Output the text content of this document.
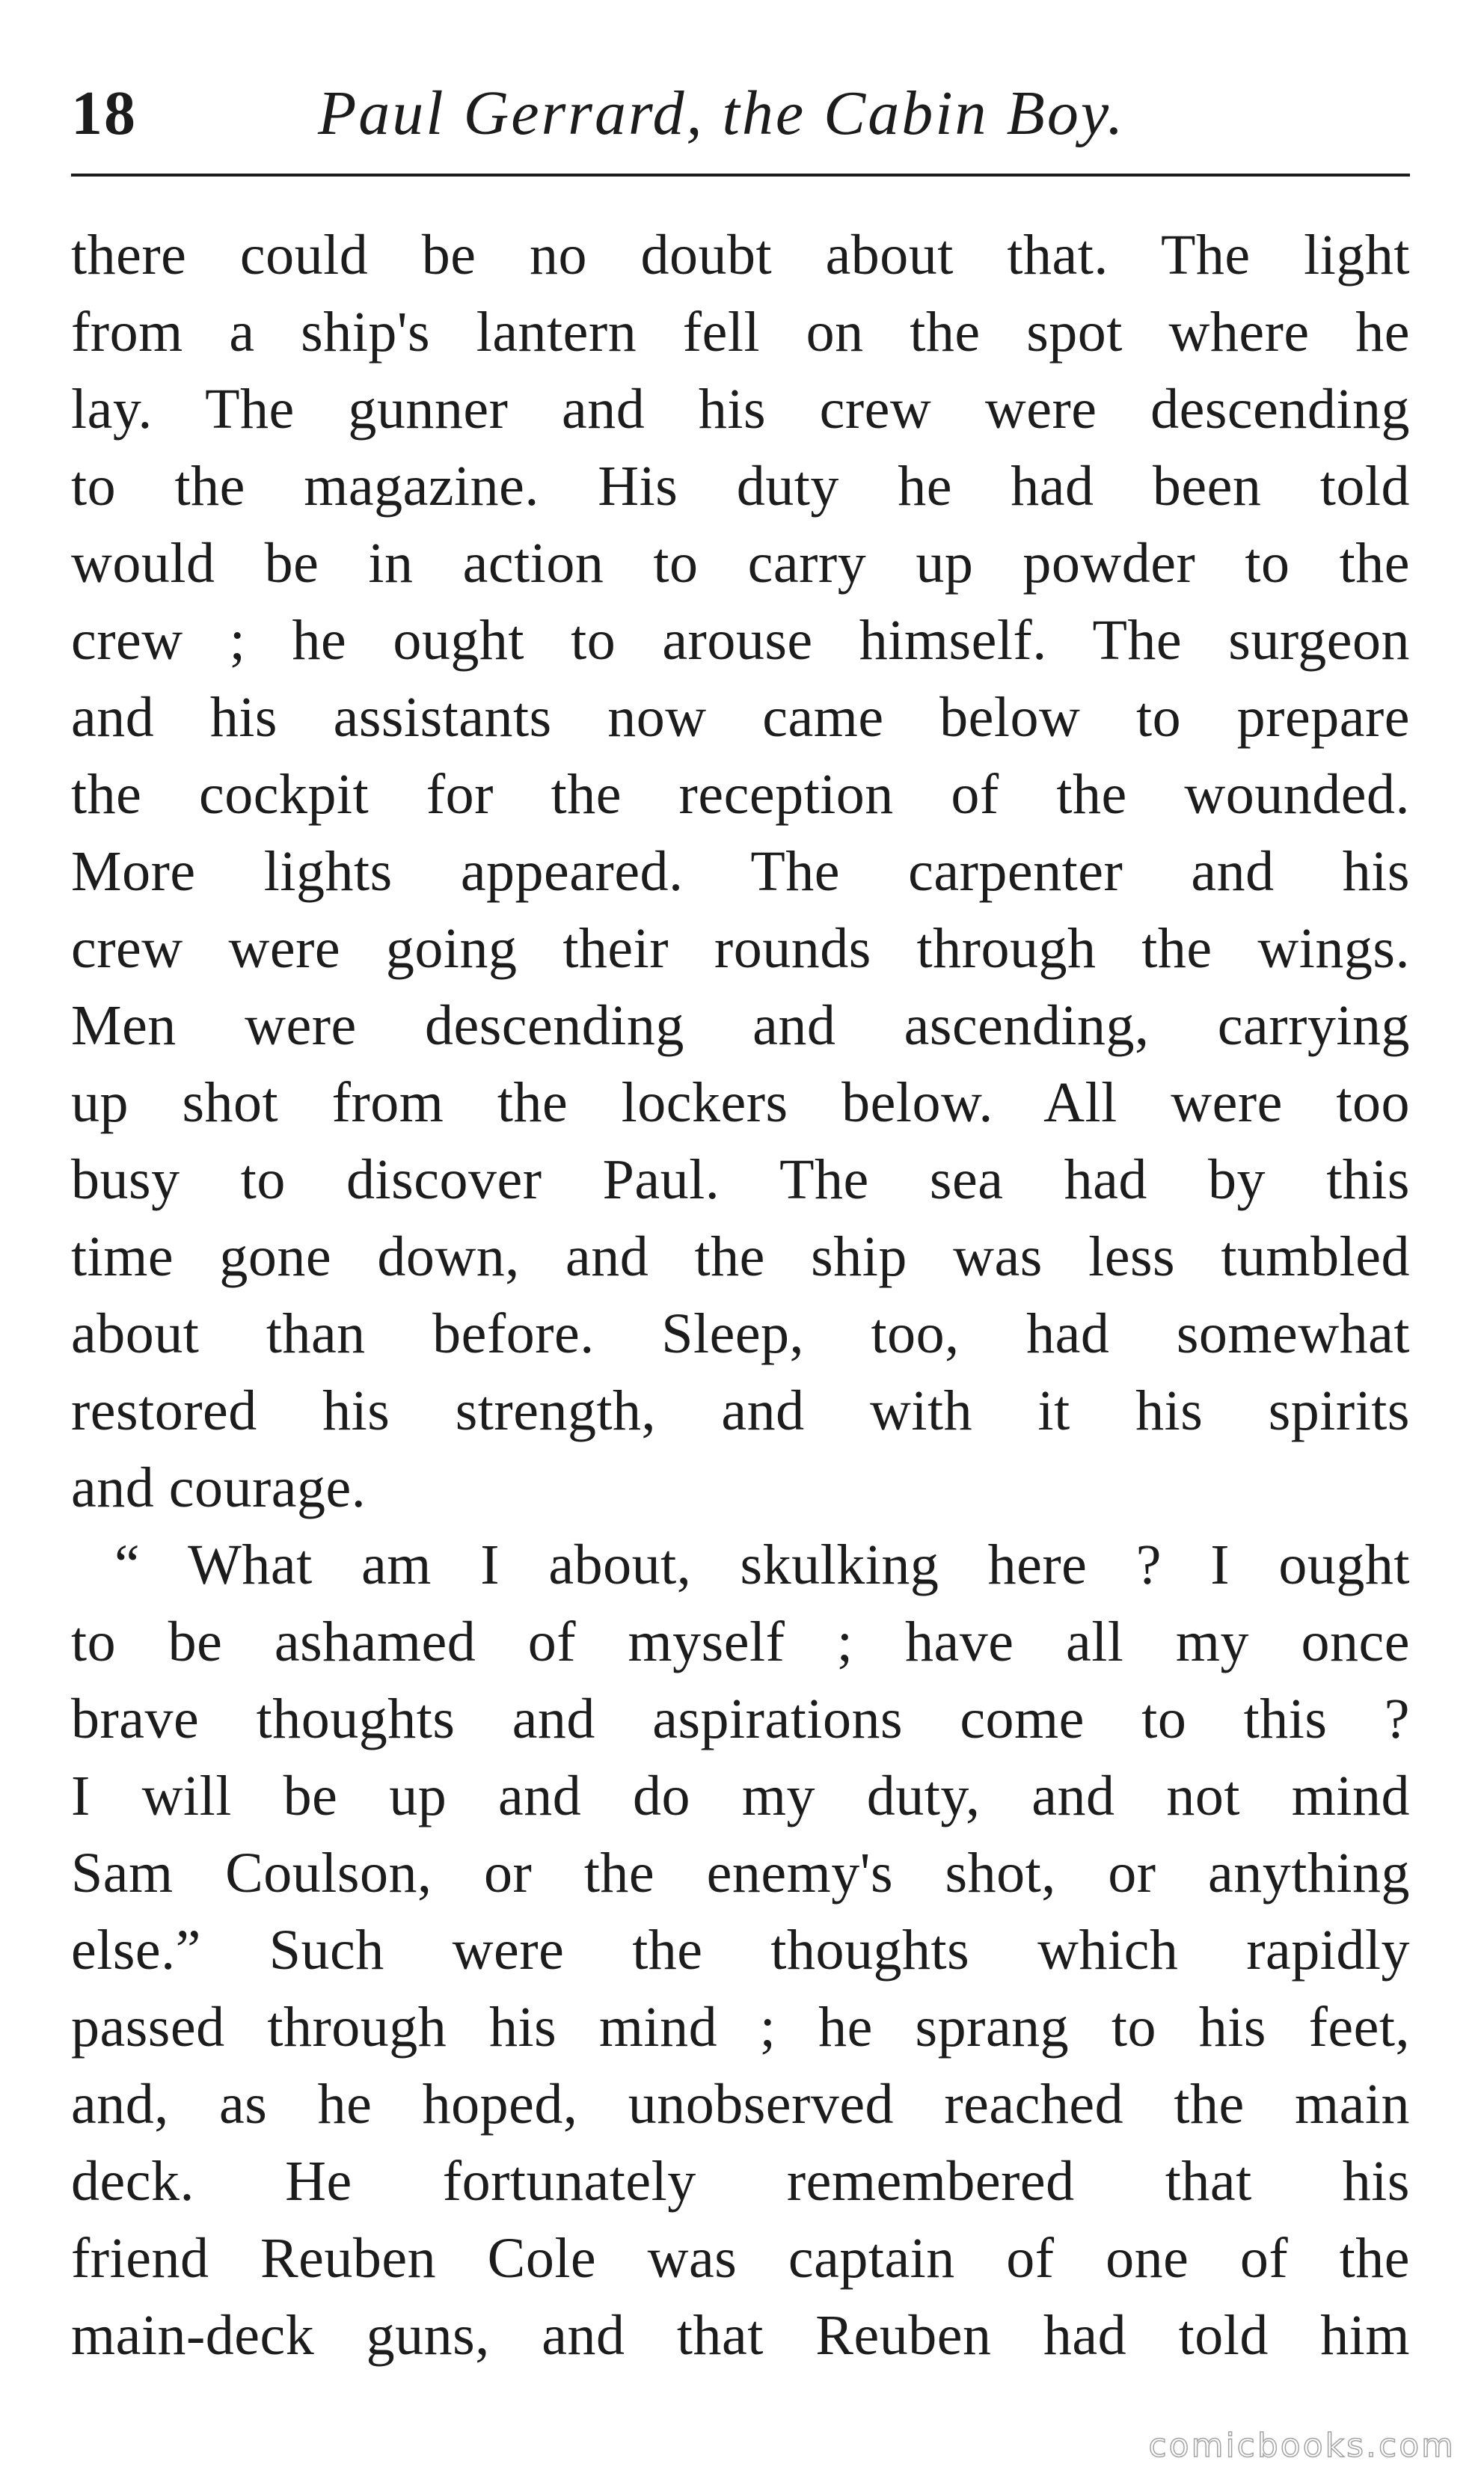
18	Paul Gerrard, the Cabin Boy.
there could be no doubt about that. The light
from a ship's lantern fell on the spot where he
lay. The gunner and his crew were descending
to the magazine. His duty he had been told
would be in action to carry up powder to the
crew ; he ought to arouse himself. The surgeon
and his assistants now came below to prepare
the cockpit for the reception of the wounded.
More lights appeared. The carpenter and his
crew were going their rounds through the wings.
Men were descending and ascending, carrying
up shot from the lockers below. All were too
busy to discover Paul. The sea had by this
time gone down, and the ship was less tumbled
about than before. Sleep, too, had somewhat
restored his strength, and with it his spirits
and courage.
“ What am I about, skulking here ? I ought
to be ashamed of myself ; have all my once
brave thoughts and aspirations come to this ?
I will be up and do my duty, and not mind
Sam Coulson, or the enemy's shot, or anything
else.” Such were the thoughts which rapidly
passed through his mind ; he sprang to his feet,
and, as he hoped, unobserved reached the main
deck. He fortunately remembered that his
friend Reuben Cole was captain of one of the
main-deck guns, and that Reuben had told him
comicbooks.com
